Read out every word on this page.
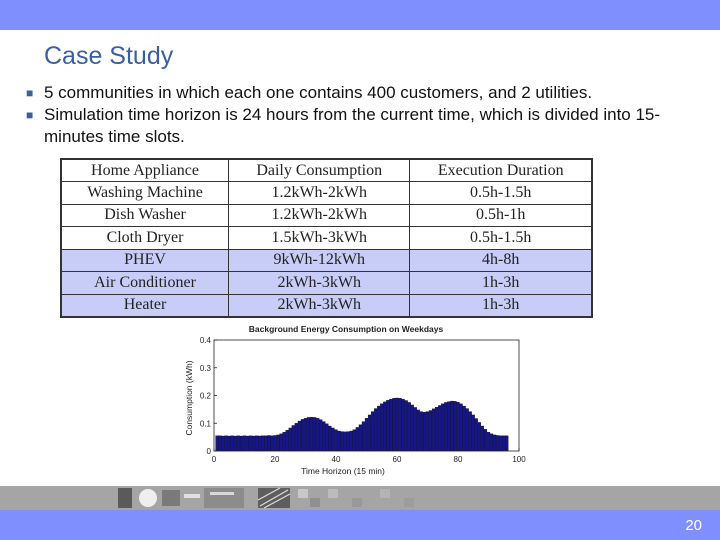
Case Study
■ 5 communities in which each one contains 400 customers, and 2 utilities.
■ Simulation time horizon is 24 hours from the current time, which is divided into 15-minutes time slots.
Home Appliance	Daily Consumption	Execution Duration
Washing Machine	1.2kWh-2kWh	0.5h-1.5h
Dish Washer	1.2kWh-2kWh	0.5h-1h
Cloth Dryer	1.5kWh-3kWh	0.5h-1.5h
PHEV	9kWh-12kWh	4h-8h
Air Conditioner	2kWh-3kWh	1h-3h
Heater	2kWh-3kWh	1h-3h
Background Energy Consumption on Weekdays
Time Horizon (15 min)
Consumption (kWh)
0	20	40	60	80	100
0
0.1
0.2
0.3
0.4
20
